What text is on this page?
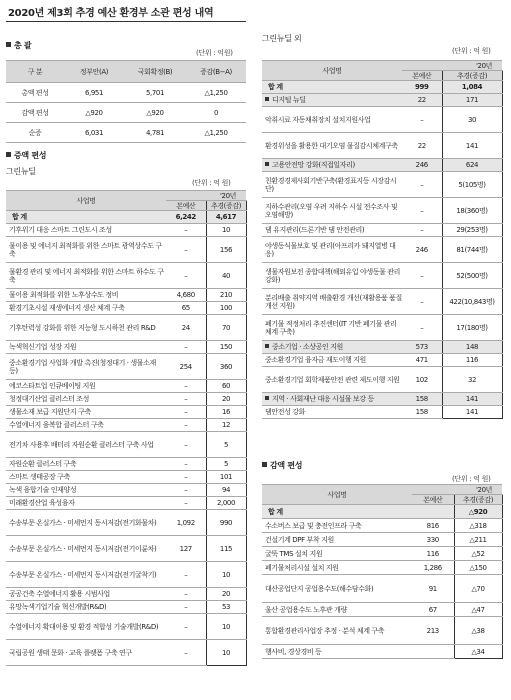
2020년 제3회 추경 예산 환경부 소관 편성 내역
총 괄
(단위 : 억원)
구 분	정부안(A)	국회확정(B)	증감(B−A)
총액 편성	6,951	5,701	△1,250
감액 편성	△920	△920	0
순증	6,031	4,781	△1,250
증액 편성
그린뉴딜
(단위 : 억 원)
그린뉴딜 외
(단위 : 억 원)
감액 편성
(단위 : 억 원)
사업명	'20년	
	본예산	추경(증감)
합 계	6,242	4,617
기후위기 대응 스마트 그린도시 조성	–	10
물이용 및 에너지 최적화를 위한 스마트 광역상수도 구축	–	156
물환경 관리 및 에너지 최적화를 위한 스마트 하수도 구축	–	40
물이용 최적화를 위한 노후상수도 정비	4,680	210
환경기초시설 재생에너지 생산 체계 구축	65	100
기후탄력성 강화를 위한 지능형 도시하천 관리 R&D	24	70
녹색혁신기업 성장 지원	–	150
중소환경기업 사업화 개발 촉진(청정대기 · 생물소재 등)	254	360
에코스타트업 인큐베이팅 지원	–	60
청정대기산업 클러스터 조성	–	20
생물소재 보급 지원단지 구축	–	16
수열에너지 융복합 클러스터 구축	–	12
전기차 사용후 배터리 자원순환 클러스터 구축 사업	–	5
자원순환 클러스터 구축	–	5
스마트 생태공장 구축	–	101
녹색 융합기술 인재양성	–	94
미래환경산업 육성융자	–	2,000
수송부문 온실가스 · 미세먼지 동시저감(전기화물차)	1,092	990
수송부문 온실가스 · 미세먼지 동시저감(전기이륜차)	127	115
수송부문 온실가스 · 미세먼지 동시저감(전기굴착기)	–	10
공공건축 수열에너지 활용 시범사업	–	20
유망녹색기업기술 혁신개발(R&D)	–	53
수열에너지 확대이용 및 환경 적합성 기술개발(R&D)	–	10
국립공원 생태 문화 · 교육 플랫폼 구축 연구	–	10
사업명	'20년	
	본예산	추경(증감)
합 계	999	1,084
디지털 뉴딜	22	171
악취시료 자동채취장치 설치지원사업	–	30
환경위성을 활용한 대기오염 물질감시체계구축	22	141
고용안전망 강화(직접일자리)	246	624
친환경경제사회기반구축(환경표지등 시장감시단)	–	5(105명)
지하수관리(오염 우려 지하수 시설 전수조사 및 오염해방)	–	18(360명)
댐 유지관리(드론기반 댐 안전관리)	–	29(253명)
야생동식물보호 및 관리(아프리카 돼지열병 대응)	246	81(744명)
생물자원보전 종합대책(해외유입 야생동물 관리강화)	–	52(500명)
분리배출 취약지역 배출환경 개선(재활용품 품질개선 지원)	–	422(10,843명)
폐기물 적정처리 추진센터(IT 기반 폐기물 관리 체계 구축)	–	17(180명)
중소기업 · 소상공인 지원	573	148
중소환경기업 융자금 재도이행 지원	471	116
중소환경기업 회학제품안전 관련 제도이행 지원	102	32
지역 · 사회재난 대응 시설물 보강 등	158	141
댐안전성 강화	158	141
사업명	'20년	
	본예산	추경(증감)
합 계		△920
수소버스 보급 및 충전인프라 구축	816	△318
건설기계 DPF 부착 지원	330	△211
굴뚝 TMS 설치 지원	116	△52
폐기물처리시설 설치 지원	1,286	△150
대산공업단지 공업용수도(해수담수화)	91	△70
울산 공업용수도 노후관 개량	67	△47
통합환경관리사업장 추정 · 분석 체계 구축	213	△38
행사비, 경상경비 등		△34
